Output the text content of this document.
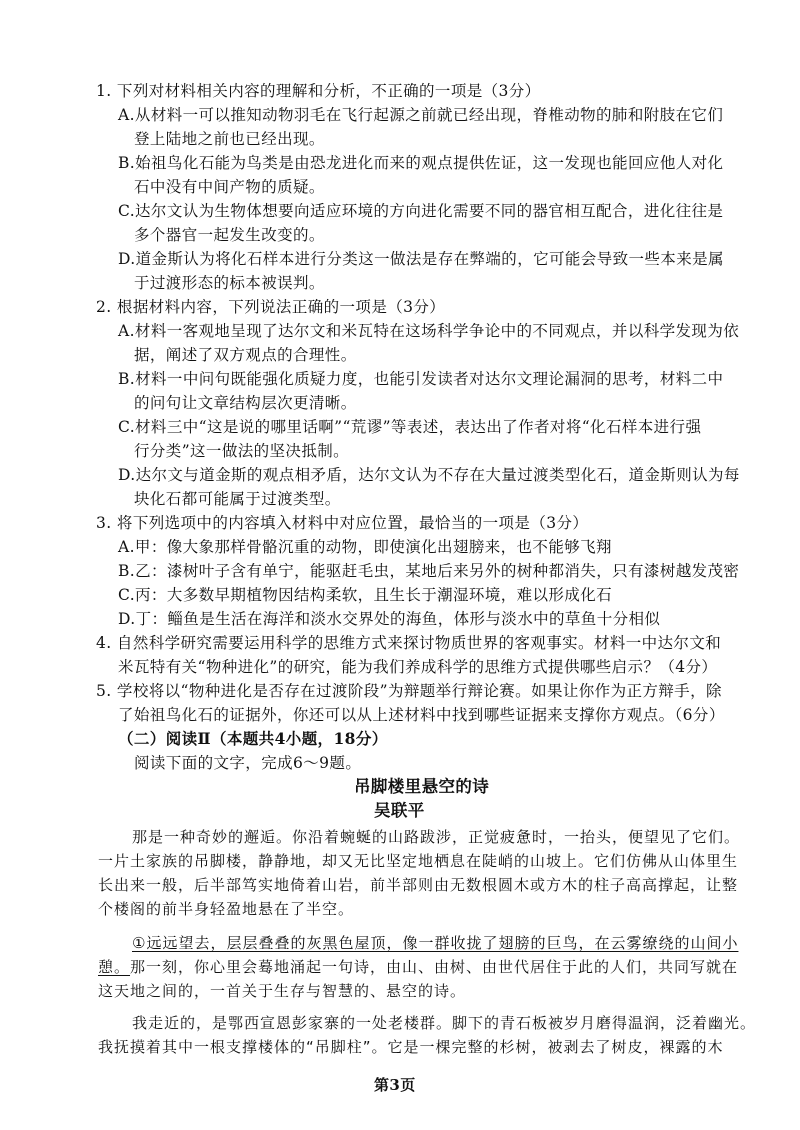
1. 下列对材料相关内容的理解和分析，不正确的一项是（3分）
A.从材料一可以推知动物羽毛在飞行起源之前就已经出现，脊椎动物的肺和附肢在它们
登上陆地之前也已经出现。
B.始祖鸟化石能为鸟类是由恐龙进化而来的观点提供佐证，这一发现也能回应他人对化
石中没有中间产物的质疑。
C.达尔文认为生物体想要向适应环境的方向进化需要不同的器官相互配合，进化往往是
多个器官一起发生改变的。
D.道金斯认为将化石样本进行分类这一做法是存在弊端的，它可能会导致一些本来是属
于过渡形态的标本被误判。
2. 根据材料内容，下列说法正确的一项是（3分）
A.材料一客观地呈现了达尔文和米瓦特在这场科学争论中的不同观点，并以科学发现为依
据，阐述了双方观点的合理性。
B.材料一中问句既能强化质疑力度，也能引发读者对达尔文理论漏洞的思考，材料二中
的问句让文章结构层次更清晰。
C.材料三中“这是说的哪里话啊”“荒谬”等表述，表达出了作者对将“化石样本进行强
行分类”这一做法的坚决抵制。
D.达尔文与道金斯的观点相矛盾，达尔文认为不存在大量过渡类型化石，道金斯则认为每
块化石都可能属于过渡类型。
3. 将下列选项中的内容填入材料中对应位置，最恰当的一项是（3分）
A.甲：像大象那样骨骼沉重的动物，即使演化出翅膀来，也不能够飞翔
B.乙：漆树叶子含有单宁，能驱赶毛虫，某地后来另外的树种都消失，只有漆树越发茂密
C.丙：大多数早期植物因结构柔软，且生长于潮湿环境，难以形成化石
D.丁：鲻鱼是生活在海洋和淡水交界处的海鱼，体形与淡水中的草鱼十分相似
4. 自然科学研究需要运用科学的思维方式来探讨物质世界的客观事实。材料一中达尔文和
米瓦特有关“物种进化”的研究，能为我们养成科学的思维方式提供哪些启示？（4分）
5. 学校将以“物种进化是否存在过渡阶段”为辩题举行辩论赛。如果让你作为正方辩手，除
了始祖鸟化石的证据外，你还可以从上述材料中找到哪些证据来支撑你方观点。（6分）
（二）阅读Ⅱ（本题共4小题，18分）
阅读下面的文字，完成6～9题。
吊脚楼里悬空的诗
吴联平
那是一种奇妙的邂逅。你沿着蜿蜒的山路跋涉，正觉疲惫时，一抬头，便望见了它们。
一片土家族的吊脚楼，静静地，却又无比坚定地栖息在陡峭的山坡上。它们仿佛从山体里生
长出来一般，后半部笃实地倚着山岩，前半部则由无数根圆木或方木的柱子高高撑起，让整
个楼阁的前半身轻盈地悬在了半空。
①远远望去，层层叠叠的灰黑色屋顶，像一群收拢了翅膀的巨鸟，在云雾缭绕的山间小
憩。那一刻，你心里会蓦地涌起一句诗，由山、由树、由世代居住于此的人们，共同写就在
这天地之间的，一首关于生存与智慧的、悬空的诗。
我走近的，是鄂西宣恩彭家寨的一处老楼群。脚下的青石板被岁月磨得温润，泛着幽光。
我抚摸着其中一根支撑楼体的“吊脚柱”。它是一棵完整的杉树，被剥去了树皮，裸露的木
第3页
